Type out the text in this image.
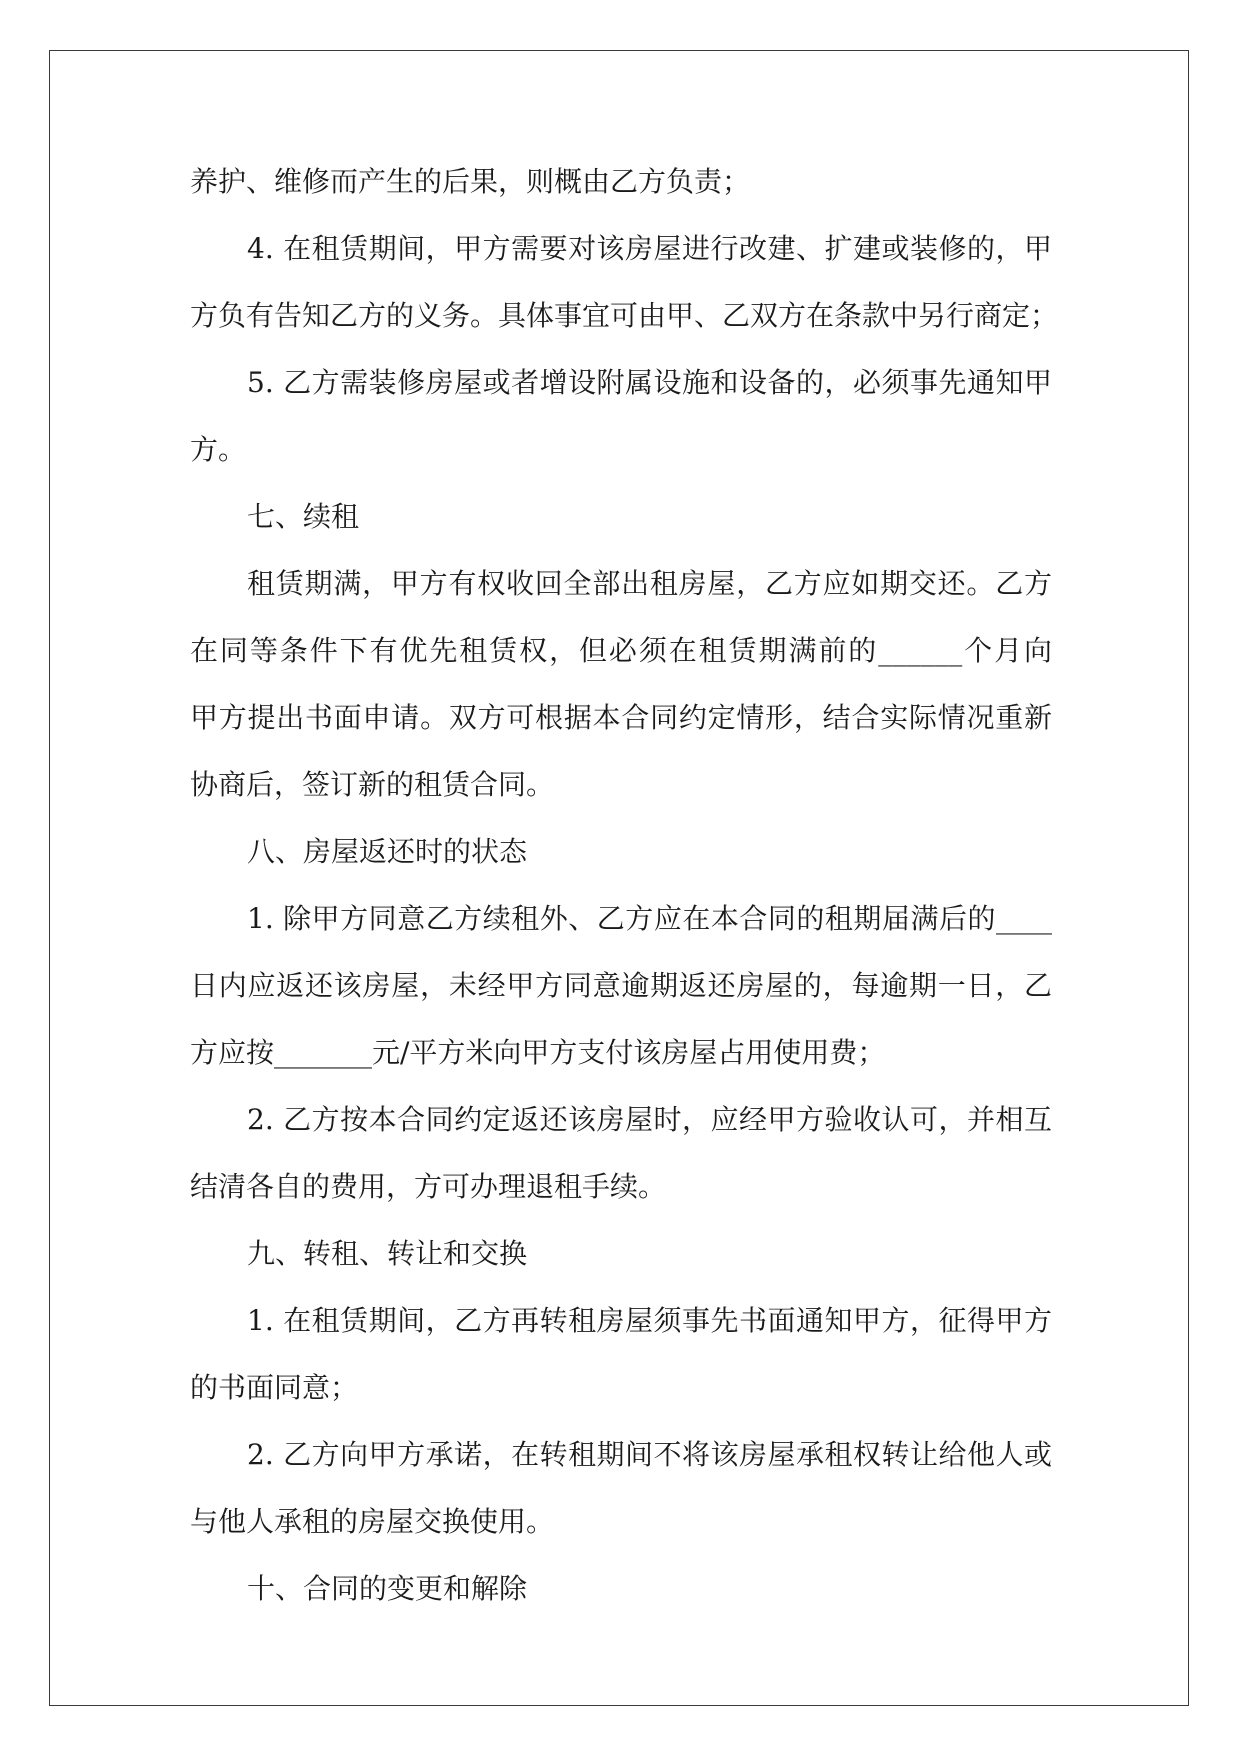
养护、维修而产生的后果，则概由乙方负责；
4. 在租赁期间，甲方需要对该房屋进行改建、扩建或装修的，甲
方负有告知乙方的义务。具体事宜可由甲、乙双方在条款中另行商定；
5. 乙方需装修房屋或者增设附属设施和设备的，必须事先通知甲
方。
七、续租
租赁期满，甲方有权收回全部出租房屋，乙方应如期交还。乙方
在同等条件下有优先租赁权，但必须在租赁期满前的______个月向
甲方提出书面申请。双方可根据本合同约定情形，结合实际情况重新
协商后，签订新的租赁合同。
八、房屋返还时的状态
1. 除甲方同意乙方续租外、乙方应在本合同的租期届满后的____
日内应返还该房屋，未经甲方同意逾期返还房屋的，每逾期一日，乙
方应按_______元/平方米向甲方支付该房屋占用使用费；
2. 乙方按本合同约定返还该房屋时，应经甲方验收认可，并相互
结清各自的费用，方可办理退租手续。
九、转租、转让和交换
1. 在租赁期间，乙方再转租房屋须事先书面通知甲方，征得甲方
的书面同意；
2. 乙方向甲方承诺，在转租期间不将该房屋承租权转让给他人或
与他人承租的房屋交换使用。
十、合同的变更和解除
